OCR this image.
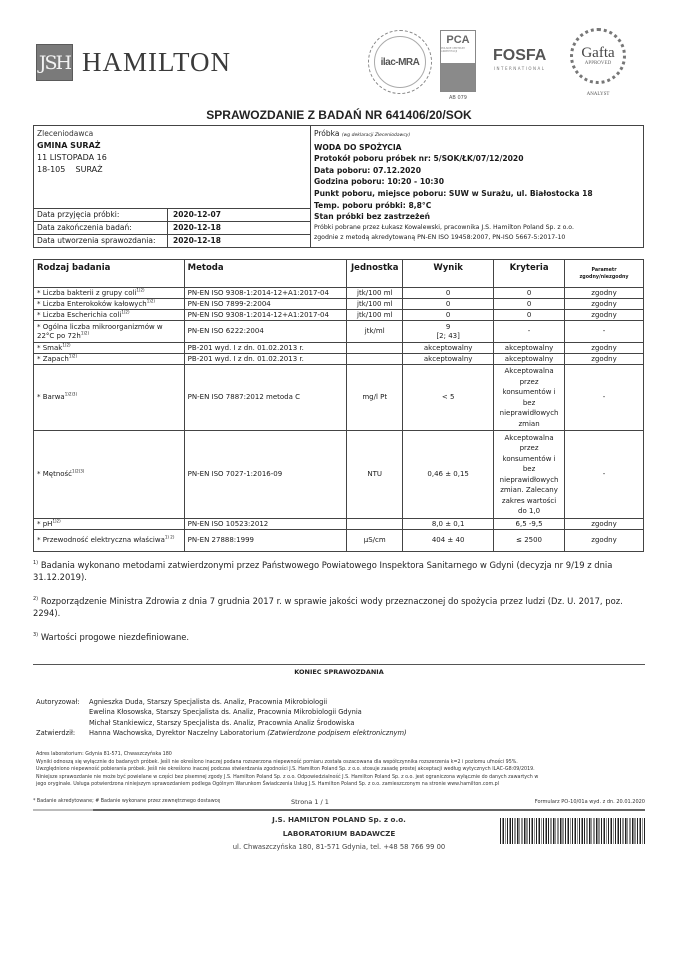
JSH HAMILTON	ilac-MRA
PCA
POLSKIE CENTRUM AKREDYTACJI
AB 079
FOSFA
INTERNATIONAL
Gafta
APPROVED
ANALYST
SPRAWOZDANIE Z BADAŃ NR 641406/20/SOK
Zleceniodawca
GMINA SURAŻ
11 LISTOPADA 16
18-105    SURAŻ
Data przyjęcia próbki:	2020-12-07
Data zakończenia badań:	2020-12-18
Data utworzenia sprawozdania:	2020-12-18
Próbka (wg deklaracji Zleceniodawcy)
WODA DO SPOŻYCIA
Protokół poboru próbek nr: 5/SOK/ŁK/07/12/2020
Data poboru: 07.12.2020
Godzina poboru: 10:20 - 10:30
Punkt poboru, miejsce poboru: SUW w Surażu, ul. Białostocka 18
Temp. poboru próbki: 8,8°C
Stan próbki bez zastrzeżeń
Próbki pobrane przez Łukasz Kowalewski, pracownika J.S. Hamilton Poland Sp. z o.o.
zgodnie z metodą akredytowaną PN-EN ISO 19458:2007, PN-ISO 5667-5:2017-10
Rodzaj badania	Metoda	Jednostka	Wynik	Kryteria	Parametr
zgodny/niezgodny

* Liczba bakterii z grupy coli$^{1)2)}$	PN-EN ISO 9308-1:2014-12+A1:2017-04	jtk/100 ml	0	0	zgodny
* Liczba Enterokoków kałowych$^{1)2)}$	PN-EN ISO 7899-2:2004	jtk/100 ml	0	0	zgodny
* Liczba Escherichia coli$^{1)2)}$	PN-EN ISO 9308-1:2014-12+A1:2017-04	jtk/100 ml	0	0	zgodny
* Ogólna liczba mikroorganizmów w 22°C po $72h^{1)2)}$	PN-EN ISO 6222:2004	jtk/ml	9
[2; 43]	-	-
* Smak$^{1)2)}$	PB-201 wyd. I z dn. 01.02.2013 r.		akceptowalny	akceptowalny	zgodny
* Zapach$^{1)2)}$	PB-201 wyd. I z dn. 01.02.2013 r.		akceptowalny	akceptowalny	zgodny
* Barwa$^{1)2)3)}$	PN-EN ISO 7887:2012 metoda C	mg/l Pt	< 5	Akceptowalna przez konsumentów i bez nieprawidłowych zmian	-
* Mętność$^{1)2)3)}$	PN-EN ISO 7027-1:2016-09	NTU	0,46 ± 0,15	Akceptowalna przez konsumentów i bez nieprawidłowych zmian. Zalecany zakres wartości do 1,0	-
* $pH^{1)2)}$	PN-EN ISO 10523:2012		8,0 ± 0,1	6,5 -9,5	zgodny
* Przewodność elektryczna właściwa$^{1) 2)}$	PN-EN 27888:1999	µS/cm	404 ± 40	≤ 2500	zgodny

$^{1)}$ Badania wykonano metodami zatwierdzonymi przez Państwowego Powiatowego Inspektora Sanitarnego w Gdyni (decyzja nr 9/19 z dnia 31.12.2019).

$^{2)}$ Rozporządzenie Ministra Zdrowia z dnia 7 grudnia 2017 r. w sprawie jakości wody przeznaczonej do spożycia przez ludzi (Dz. U. 2017, poz. 2294).

$^{3)}$ Wartości progowe niezdefiniowane.

KONIEC SPRAWOZDANIA
Autoryzował:	Agnieszka Duda, Starszy Specjalista ds. Analiz, Pracownia Mikrobiologii
Ewelina Kłosowska, Starszy Specjalista ds. Analiz, Pracownia Mikrobiologii Gdynia
Michał Stankiewicz, Starszy Specjalista ds. Analiz, Pracownia Analiz Środowiska
Zatwierdził:	Hanna Wachowska, Dyrektor Naczelny Laboratorium (Zatwierdzone podpisem elektronicznym)
Adres laboratorium: Gdynia 81-571, Chwaszczyńska 180
Wyniki odnoszą się wyłącznie do badanych próbek. Jeśli nie określono inaczej podana rozszerzona niepewność pomiaru została oszacowana dla współczynnika rozszerzenia k=2 i poziomu ufności 95%.
Uwzględniono niepewność pobierania próbek. Jeśli nie określono inaczej podczas stwierdzania zgodności J.S. Hamilton Poland Sp. z o.o. stosuje zasadę prostej akceptacji według wytycznych ILAC-G8:09/2019.
Niniejsze sprawozdanie nie może być powielane w części bez pisemnej zgody J.S. Hamilton Poland Sp. z o.o. Odpowiedzialność J.S. Hamilton Poland Sp. z o.o. jest ograniczona wyłącznie do danych zawartych w
jego oryginale. Usługa potwierdzona niniejszym sprawozdaniem podlega Ogólnym Warunkom Świadczenia Usług J.S. Hamilton Poland Sp. z o.o. zamieszczonym na stronie www.hamilton.com.pl
* Badanie akredytowane; # Badanie wykonane przez zewnętrznego dostawcę	Strona 1 / 1	Formularz PO-10/01a wyd. z dn. 20.01.2020
J.S. HAMILTON POLAND Sp. z o.o.
LABORATORIUM BADAWCZE
ul. Chwaszczyńska 180, 81-571 Gdynia, tel. +48 58 766 99 00
